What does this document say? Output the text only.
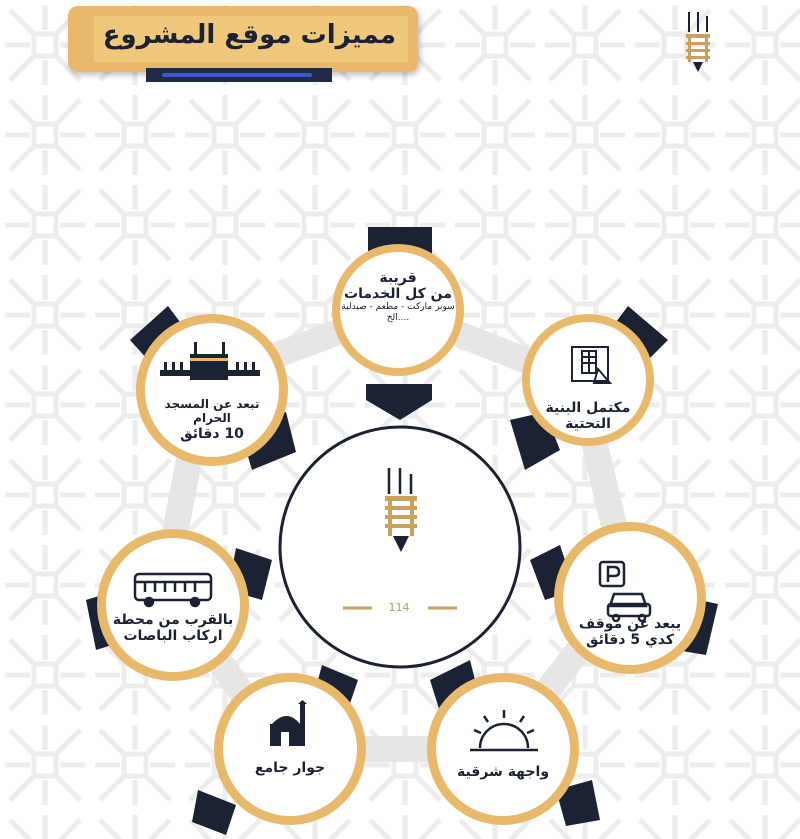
مميزات موقع المشروع
قريبة
من كل الخدمات
سوبر ماركت - مطعم - صيدلية
....الخ
مكتمل البنية
التحتية
يبعد عن موقف
كدي 5 دقائق
واجهة شرقية
جوار جامع
بالقرب من محطة
اركاب الباصات
تبعد عن المسجد الحرام
10 دقائق
114
